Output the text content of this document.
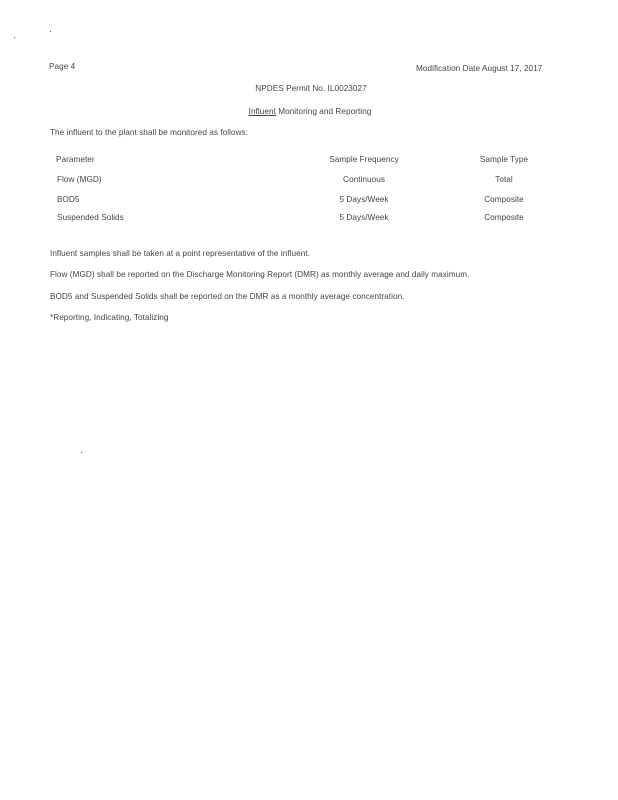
Page 4	Modification Date August 17, 2017
NPDES Permit No. IL0023027
Influent Monitoring and Reporting
The influent to the plant shall be monitored as follows:
Parameter	Sample Frequency	Sample Type
Flow (MGD)	Continuous	Total
BOD5	5 Days/Week	Composite
Suspended Solids	5 Days/Week	Composite
Influent samples shall be taken at a point representative of the influent.
Flow (MGD) shall be reported on the Discharge Monitoring Report (DMR) as monthly average and daily maximum.
BOD5 and Suspended Solids shall be reported on the DMR as a monthly average concentration.
*Reporting, Indicating, Totalizing
